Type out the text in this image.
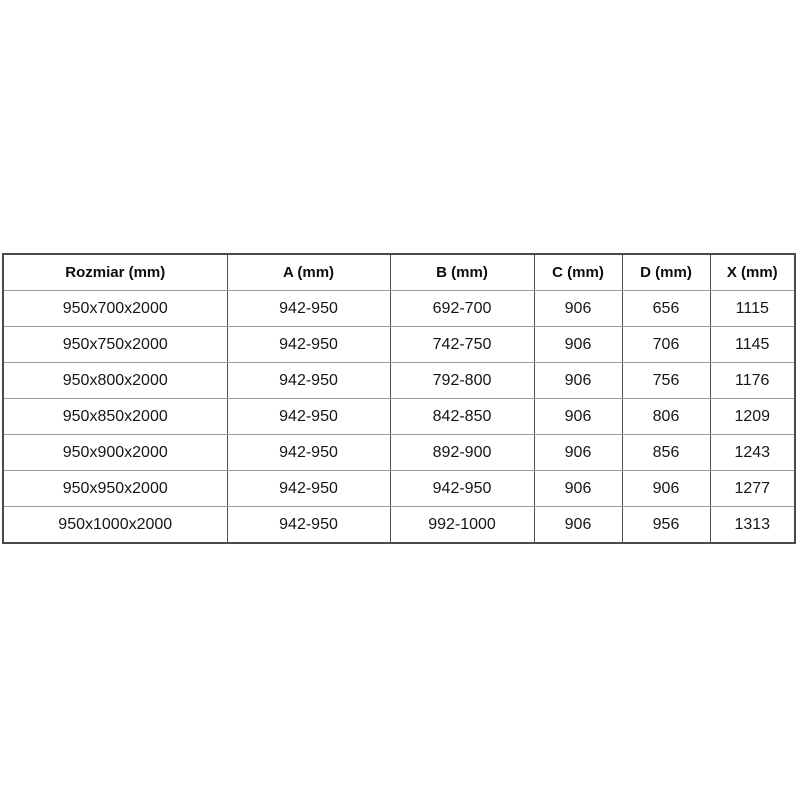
Rozmiar (mm)	A (mm)	B (mm)	C (mm)	D (mm)	X (mm)
950x700x2000	942-950	692-700	906	656	1115
950x750x2000	942-950	742-750	906	706	1145
950x800x2000	942-950	792-800	906	756	1176
950x850x2000	942-950	842-850	906	806	1209
950x900x2000	942-950	892-900	906	856	1243
950x950x2000	942-950	942-950	906	906	1277
950x1000x2000	942-950	992-1000	906	956	1313
